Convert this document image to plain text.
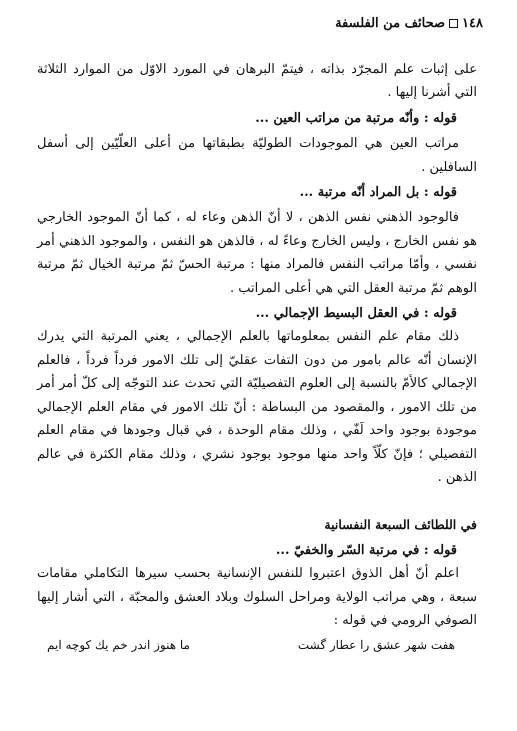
١٤٨صحائف من الفلسفة

على إثبات علم المجرّد بذاته ، فيتمّ البرهان في المورد الاوّل من الموارد الثلاثة التي أشرنا إليها .

قوله : وأنّه مرتبة من مراتب العين ...

مراتب العين هي الموجودات الطوليّة بطبقاتها من أعلى العلّيّين إلى أسفل السافلين .

قوله : بل المراد أنّه مرتبة ...

فالوجود الذهني نفس الذهن ، لا أنّ الذهن وعاء له ، كما أنّ الموجود الخارجي هو نفس الخارج ، وليس الخارج وعاءً له ، فالذهن هو النفس ، والموجود الذهني أمر نفسي ، وأمّا مراتب النفس فالمراد منها : مرتبة الحسّ ثمّ مرتبة الخيال ثمّ مرتبة الوهم ثمّ مرتبة العقل التي هي أعلى المراتب .

قوله : في العقل البسيط الإجمالي ...

ذلك مقام علم النفس بمعلوماتها بالعلم الإجمالي ، يعني المرتبة التي يدرك الإنسان أنّه عالم بامور من دون التفات عقليّ إلى تلك الامور فرداً فرداً ، فالعلم الإجمالي كالأمّ بالنسبة إلى العلوم التفصيليّة التي تحدث عند التوجّه إلى كلّ أمر أمر من تلك الامور ، والمقصود من البساطة : أنّ تلك الامور في مقام العلم الإجمالي موجودة بوجود واحد لَفّي ، وذلك مقام الوحدة ، في قبال وجودها في مقام العلم التفصيلي ؛ فإنّ كلّاً واحد منها موجود بوجود نشري ، وذلك مقام الكثرة في عالم الذهن .

في اللطائف السبعة النفسانية

قوله : في مرتبة السّر والخفيّ ...

اعلم أنّ أهل الذوق اعتبروا للنفس الإنسانية بحسب سيرها التكاملي مقامات سبعة ، وهي مراتب الولاية ومراحل السلوك وبلاد العشق والمحبّة ، التي أشار إليها الصوفي الرومي في قوله :

هفت شهر عشق را عطار گشت
ما هنوز اندر خم يك كوچه ايم
